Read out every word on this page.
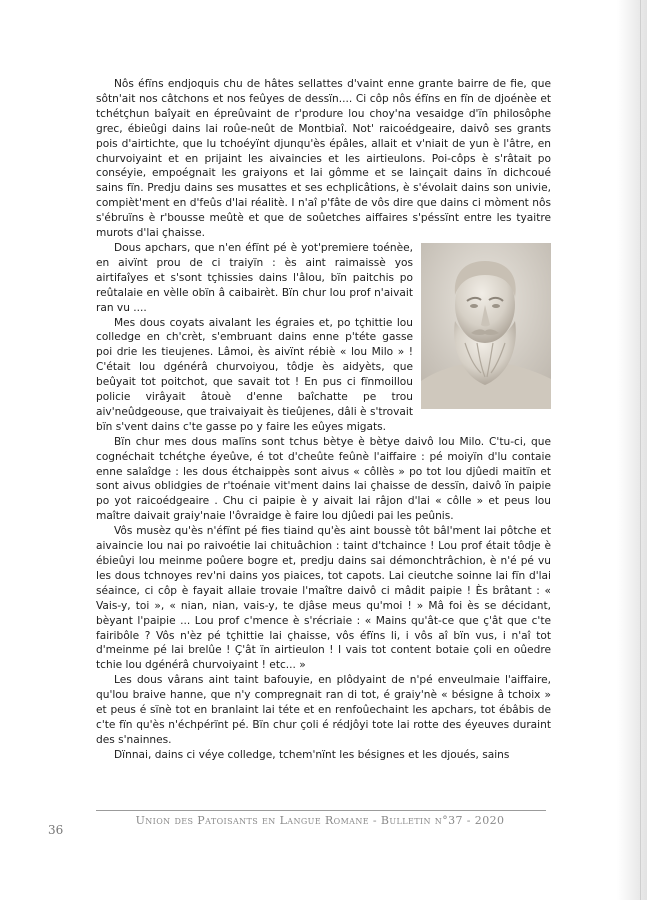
Nôs éfïns endjoquis chu de hâtes sellattes d'vaint enne grante bairre de fie, que sôtn'ait nos câtchons et nos feûyes de dessïn.... Ci côp nôs éfïns en fïn de djoénèe et tchétçhun baîyait en épreûvaint de r'produre lou choy'na vesaidge d'ïn philosôphe grec, ébieûgi dains lai roûe-neût de Montbiaî. Not' raicoédgeaire, daivô ses grants pois d'airtichte, que lu tchoéyïnt djunqu'ès épâles, allait et v'niait de yun è l'âtre, en churvoiyaint et en prijaint les aivaincies et les airtieulons. Poi-côps è s'râtait po conséyie, empoégnait les graiyons et lai gômme et se lainçait dains ïn dichcoué sains fïn. Predju dains ses musattes et ses echplicâtions, è s'évolait dains son univie, compièt'ment en d'feûs d'lai réalitè. I n'aî p'fâte de vôs dire que dains ci mòment nôs s'ébruïns è r'bousse meûtè et que de soûetches aiffaires s'péssïnt entre les tyaitre murots d'lai çhaisse.

Dous apchars, que n'en éfïnt pé è yot'premiere toénèe, en aivïnt prou de ci traiyïn : ès aint raimaissè yos airtifaîyes et s'sont tçhissies dains l'âlou, bïn paitchis po reûtalaie en vèlle obïn â caibairèt. Bïn chur lou prof n'aivait ran vu ....

Mes dous coyats aivalant les égraies et, po tçhittie lou colledge en ch'crèt, s'embruant dains enne p'téte gasse poi drie les tieujenes. Lâmoi, ès aivïnt rébiè « lou Milo » ! C'était lou dgénérâ churvoiyou, tôdje ès aidyèts, que beûyait tot poitchot, que savait tot ! En pus ci fïnmoillou policie virâyait âtouè d'enne baîchatte pe trou aiv'neûdgeouse, que traivaiyait ès tieûjenes, dâli è s'trovait bïn s'vent dains c'te gasse po y faire les eûyes migats.

Bïn chur mes dous malïns sont tchus bètye è bètye daivô lou Milo. C'tu-ci, que cognéchait tchétçhe éyeûve, é tot d'cheûte feûnè l'aiffaire : pé moiyïn d'lu contaie enne salaîdge : les dous étchaippès sont aivus « côllès » po tot lou djûedi maitïn et sont aivus oblidgies de r'toénaie vit'ment dains lai çhaisse de dessïn, daivô ïn paipie po yot raicoédgeaire . Chu ci paipie è y aivait lai râjon d'lai « côlle » et peus lou maître daivait graiy'naie l'ôvraidge è faire lou djûedi pai les peûnis.

Vôs musèz qu'ès n'éfïnt pé fies tiaind qu'ès aint boussè tôt bâl'ment lai pôtche et aivaincie lou nai po raivoétie lai chituâchion : taint d'tchaince ! Lou prof était tôdje è ébieûyi lou meinme poûere bogre et, predju dains sai démonchtrâchion, è n'é pé vu les dous tchnoyes rev'ni dains yos piaices, tot capots. Lai cieutche soinne lai fïn d'lai séaince, ci côp è fayait allaie trovaie l'maître daivô ci mâdit paipie ! Ès brâtant : « Vais-y, toi », « nian, nian, vais-y, te djâse meus qu'moi ! » Mâ foi ès se décidant, bèyant l'paipie ... Lou prof c'mence è s'récriaie : « Mains qu'ât-ce que ç'ât que c'te fairibôle ? Vôs n'èz pé tçhittie lai çhaisse, vôs éfïns li, i vôs aî bïn vus, i n'aî tot d'meinme pé lai brelûe ! Ç'ât ïn airtieulon ! I vais tot content botaie çoli en oûedre tchie lou dgénérâ churvoiyaint ! etc... »

Les dous vârans aint taint bafouyie, en plôdyaint de n'pé enveulmaie l'aiffaire, qu'lou braive hanne, que n'y compregnait ran di tot, é graiy'nè « bésigne â tchoix » et peus é sïnè tot en branlaint lai téte et en renfoûechaint les apchars, tot ébâbis de c'te fïn qu'ès n'échpérïnt pé. Bïn chur çoli é rédjôyi tote lai rotte des éyeuves duraint des s'nainnes.

Dïnnai, dains ci véye colledge, tchem'nïnt les bésignes et les djoués, sains

Union des Patoisants en Langue Romane - Bulletin n°37 - 2020
36
